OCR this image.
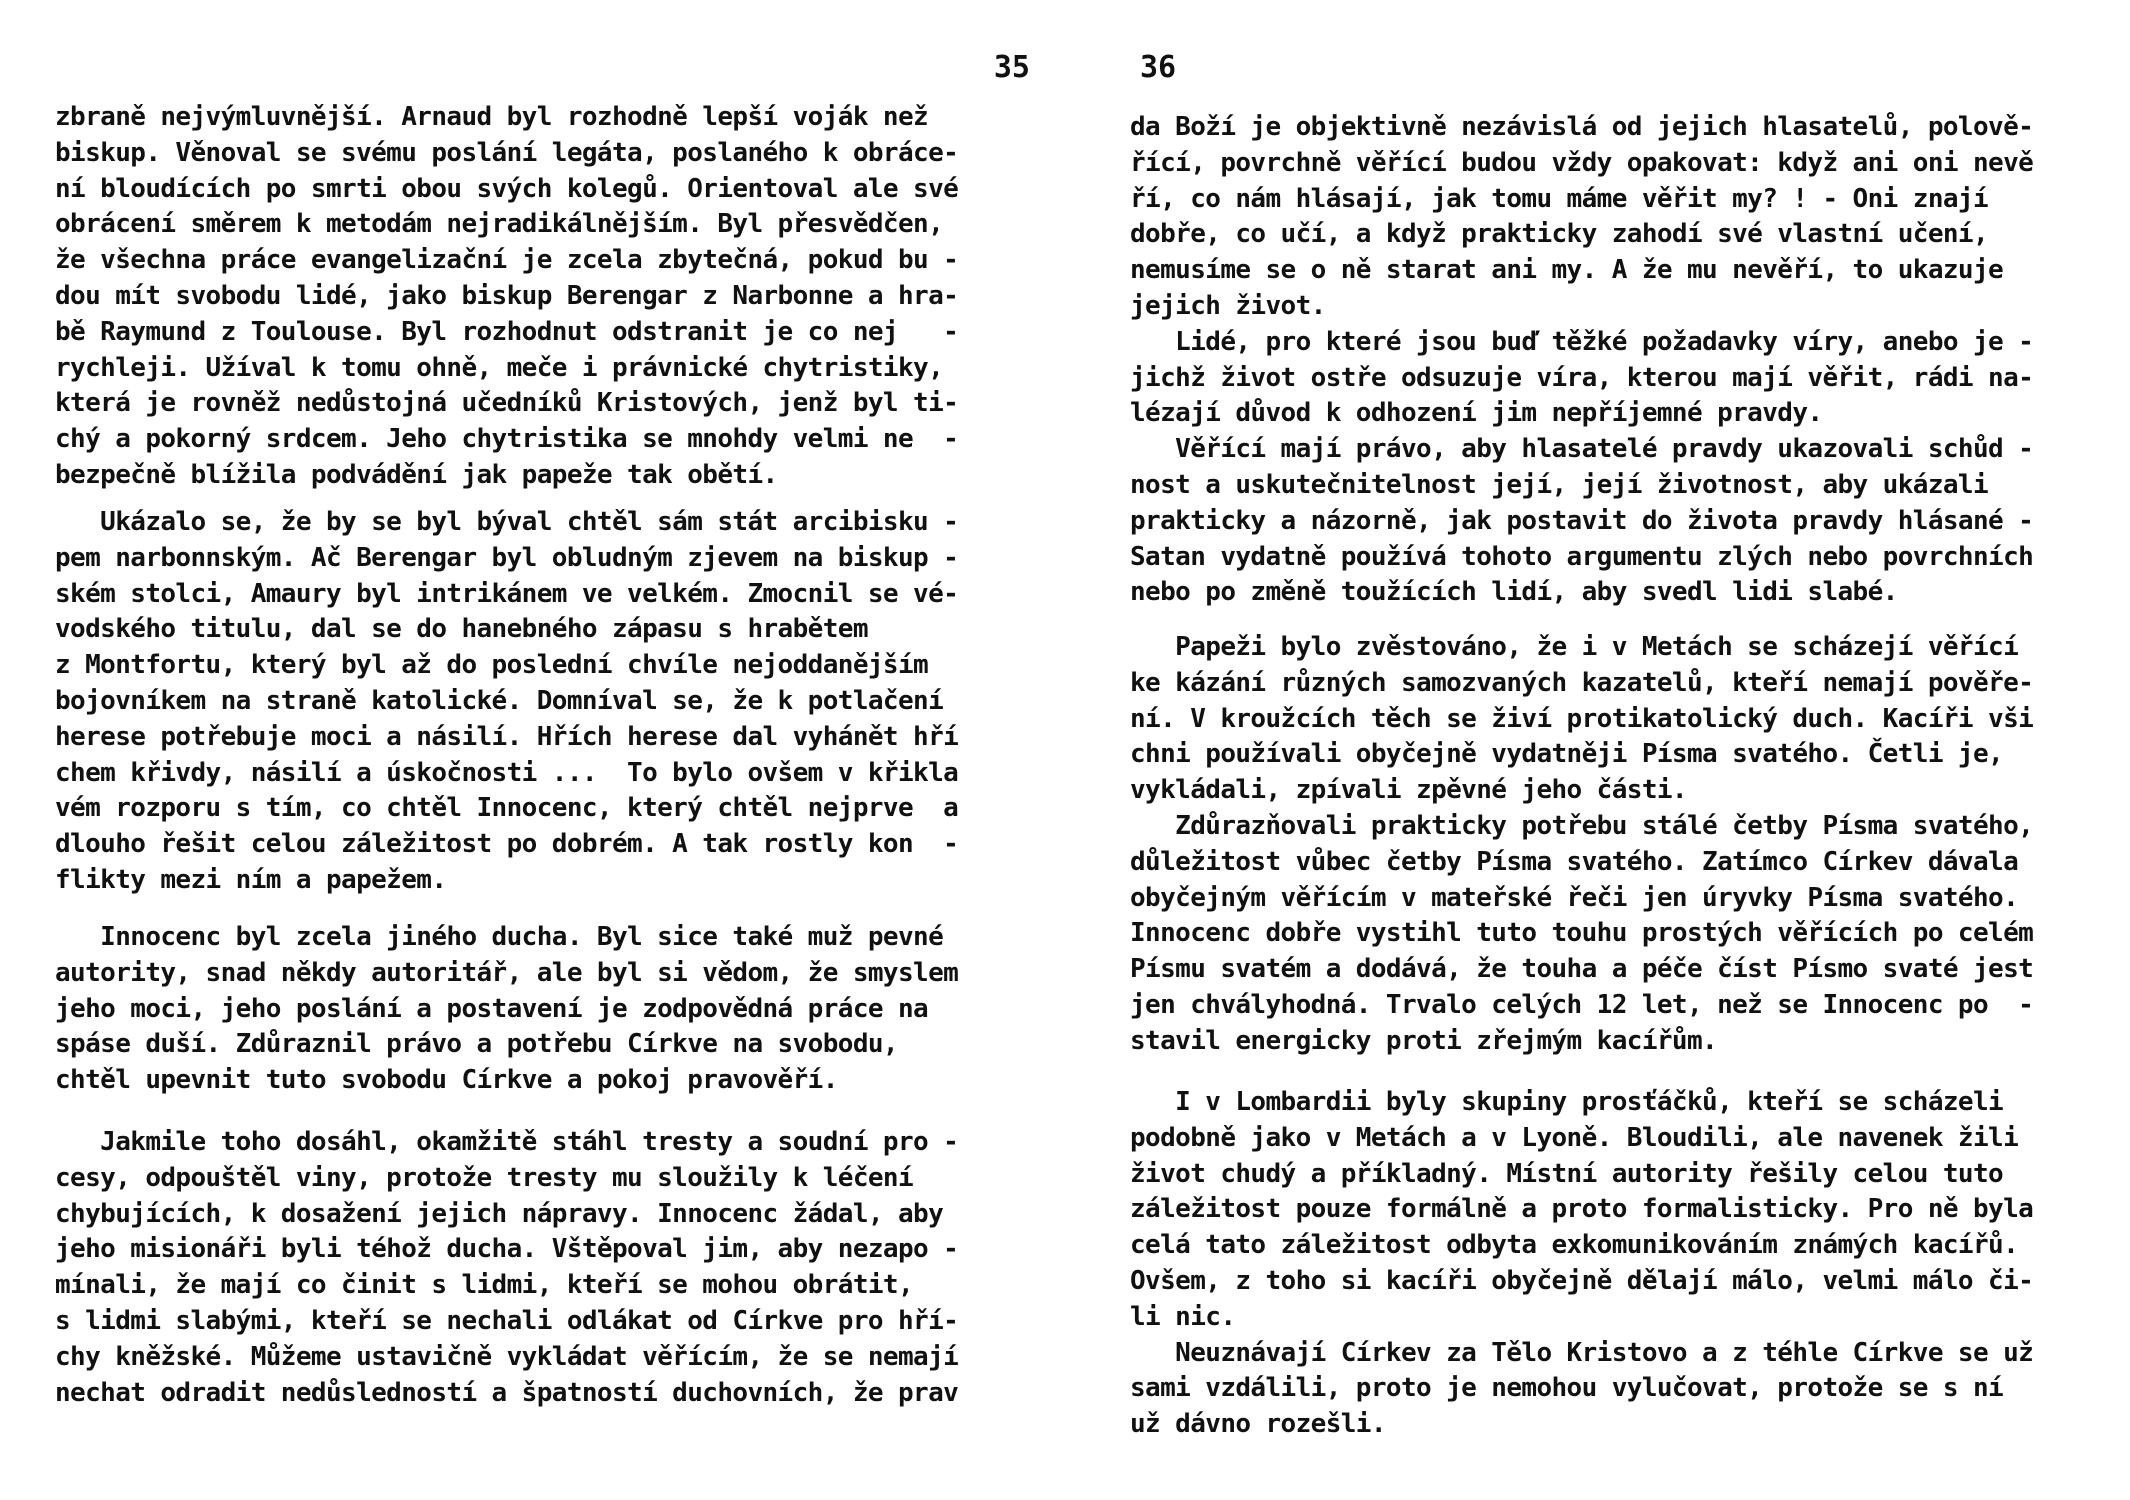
35
zbraně nejvýmluvnější. Arnaud byl rozhodně lepší voják než
biskup. Věnoval se svému poslání legáta, poslaného k obráce-
ní bloudících po smrti obou svých kolegů. Orientoval ale své
obrácení směrem k metodám nejradikálnějším. Byl přesvědčen,
že všechna práce evangelizační je zcela zbytečná, pokud bu -
dou mít svobodu lidé, jako biskup Berengar z Narbonne a hra-
bě Raymund z Toulouse. Byl rozhodnut odstranit je co nej   -
rychleji. Užíval k tomu ohně, meče i právnické chytristiky,
která je rovněž nedůstojná učedníků Kristových, jenž byl ti-
chý a pokorný srdcem. Jeho chytristika se mnohdy velmi ne  -
bezpečně blížila podvádění jak papeže tak obětí.
Ukázalo se, že by se byl býval chtěl sám stát arcibisku -
pem narbonnským. Ač Berengar byl obludným zjevem na biskup -
ském stolci, Amaury byl intrikánem ve velkém. Zmocnil se vé-
vodského titulu, dal se do hanebného zápasu s hrabětem
z Montfortu, který byl až do poslední chvíle nejoddanějším
bojovníkem na straně katolické. Domníval se, že k potlačení
herese potřebuje moci a násilí. Hřích herese dal vyhánět hří
chem křivdy, násilí a úskočnosti ...  To bylo ovšem v křikla
vém rozporu s tím, co chtěl Innocenc, který chtěl nejprve  a
dlouho řešit celou záležitost po dobrém. A tak rostly kon  -
flikty mezi ním a papežem.
Innocenc byl zcela jiného ducha. Byl sice také muž pevné
autority, snad někdy autoritář, ale byl si vědom, že smyslem
jeho moci, jeho poslání a postavení je zodpovědná práce na
spáse duší. Zdůraznil právo a potřebu Církve na svobodu,
chtěl upevnit tuto svobodu Církve a pokoj pravověří.
Jakmile toho dosáhl, okamžitě stáhl tresty a soudní pro -
cesy, odpouštěl viny, protože tresty mu sloužily k léčení
chybujících, k dosažení jejich nápravy. Innocenc žádal, aby
jeho misionáři byli téhož ducha. Vštěpoval jim, aby nezapo -
mínali, že mají co činit s lidmi, kteří se mohou obrátit,
s lidmi slabými, kteří se nechali odlákat od Církve pro hří-
chy kněžské. Můžeme ustavičně vykládat věřícím, že se nemají
nechat odradit nedůsledností a špatností duchovních, že prav
36
da Boží je objektivně nezávislá od jejich hlasatelů, polově-
řící, povrchně věřící budou vždy opakovat: když ani oni nevě
ří, co nám hlásají, jak tomu máme věřit my? ! - Oni znají
dobře, co učí, a když prakticky zahodí své vlastní učení,
nemusíme se o ně starat ani my. A že mu nevěří, to ukazuje
jejich život.
Lidé, pro které jsou buď těžké požadavky víry, anebo je -
jichž život ostře odsuzuje víra, kterou mají věřit, rádi na-
lézají důvod k odhození jim nepříjemné pravdy.
Věřící mají právo, aby hlasatelé pravdy ukazovali schůd -
nost a uskutečnitelnost její, její životnost, aby ukázali
prakticky a názorně, jak postavit do života pravdy hlásané -
Satan vydatně používá tohoto argumentu zlých nebo povrchních
nebo po změně toužících lidí, aby svedl lidi slabé.
Papeži bylo zvěstováno, že i v Metách se scházejí věřící
ke kázání různých samozvaných kazatelů, kteří nemají pověře-
ní. V kroužcích těch se živí protikatolický duch. Kacíři vši
chni používali obyčejně vydatněji Písma svatého. Četli je,
vykládali, zpívali zpěvné jeho části.
Zdůrazňovali prakticky potřebu stálé četby Písma svatého,
důležitost vůbec četby Písma svatého. Zatímco Církev dávala
obyčejným věřícím v mateřské řeči jen úryvky Písma svatého.
Innocenc dobře vystihl tuto touhu prostých věřících po celém
Písmu svatém a dodává, že touha a péče číst Písmo svaté jest
jen chvályhodná. Trvalo celých 12 let, než se Innocenc po  -
stavil energicky proti zřejmým kacířům.
I v Lombardii byly skupiny prosťáčků, kteří se scházeli
podobně jako v Metách a v Lyoně. Bloudili, ale navenek žili
život chudý a příkladný. Místní autority řešily celou tuto
záležitost pouze formálně a proto formalisticky. Pro ně byla
celá tato záležitost odbyta exkomunikováním známých kacířů.
Ovšem, z toho si kacíři obyčejně dělají málo, velmi málo či-
li nic.
Neuznávají Církev za Tělo Kristovo a z téhle Církve se už
sami vzdálili, proto je nemohou vylučovat, protože se s ní
už dávno rozešli.
